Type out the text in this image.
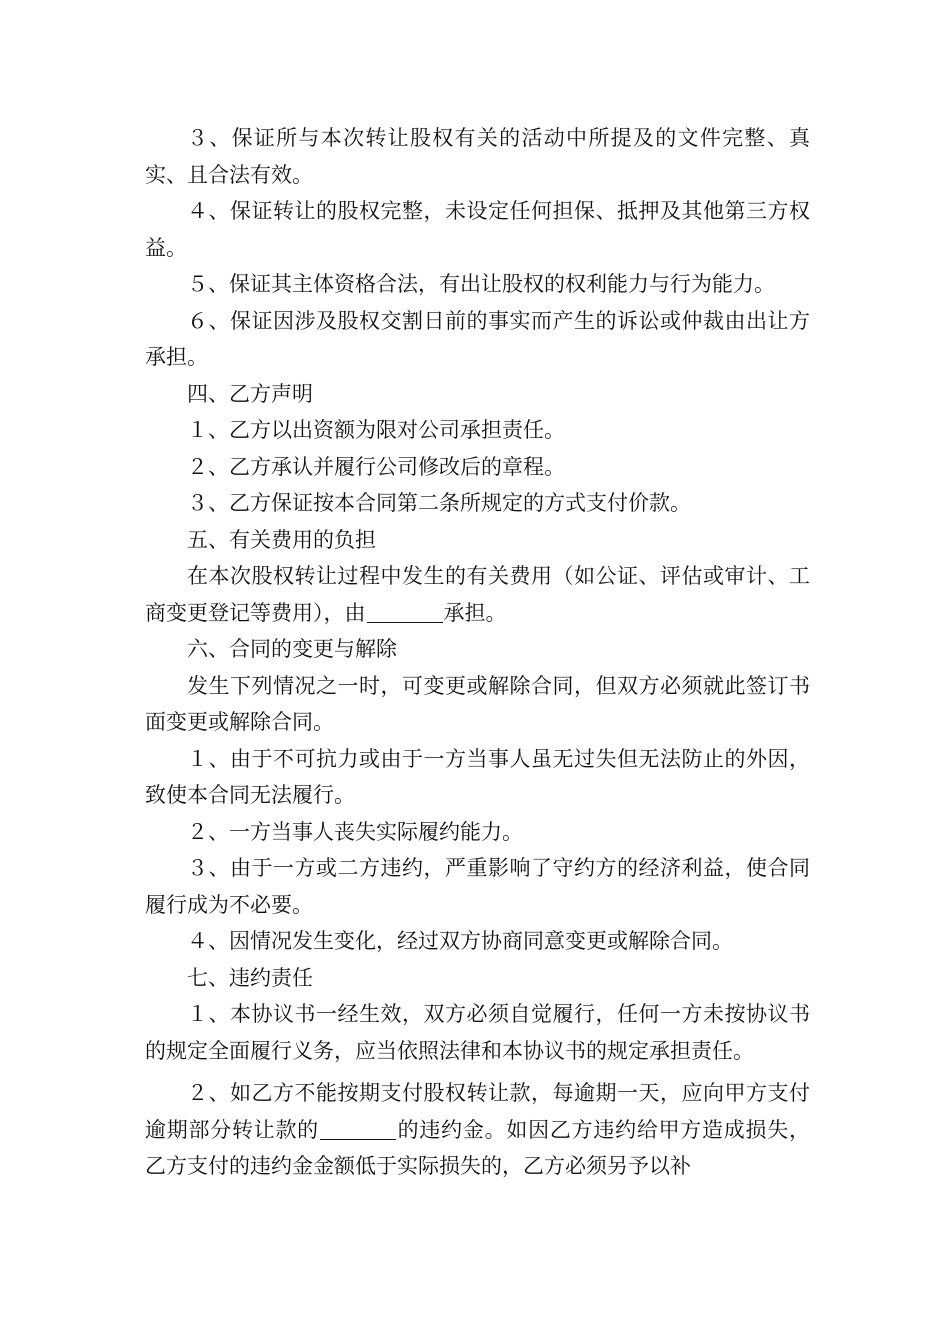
３、保证所与本次转让股权有关的活动中所提及的文件完整、真实、且合法有效。

４、保证转让的股权完整，未设定任何担保、抵押及其他第三方权益。

５、保证其主体资格合法，有出让股权的权利能力与行为能力。

６、保证因涉及股权交割日前的事实而产生的诉讼或仲裁由出让方承担。

四、乙方声明

１、乙方以出资额为限对公司承担责任。

２、乙方承认并履行公司修改后的章程。

３、乙方保证按本合同第二条所规定的方式支付价款。

五、有关费用的负担

在本次股权转让过程中发生的有关费用（如公证、评估或审计、工商变更登记等费用），由	承担。

六、合同的变更与解除

发生下列情况之一时，可变更或解除合同，但双方必须就此签订书面变更或解除合同。

１、由于不可抗力或由于一方当事人虽无过失但无法防止的外因，致使本合同无法履行。

２、一方当事人丧失实际履约能力。

３、由于一方或二方违约，严重影响了守约方的经济利益，使合同履行成为不必要。

４、因情况发生变化，经过双方协商同意变更或解除合同。

七、违约责任

１、本协议书一经生效，双方必须自觉履行，任何一方未按协议书的规定全面履行义务，应当依照法律和本协议书的规定承担责任。

２、如乙方不能按期支付股权转让款，每逾期一天，应向甲方支付逾期部分转让款的	的违约金。如因乙方违约给甲方造成损失，乙方支付的违约金金额低于实际损失的，乙方必须另予以补
